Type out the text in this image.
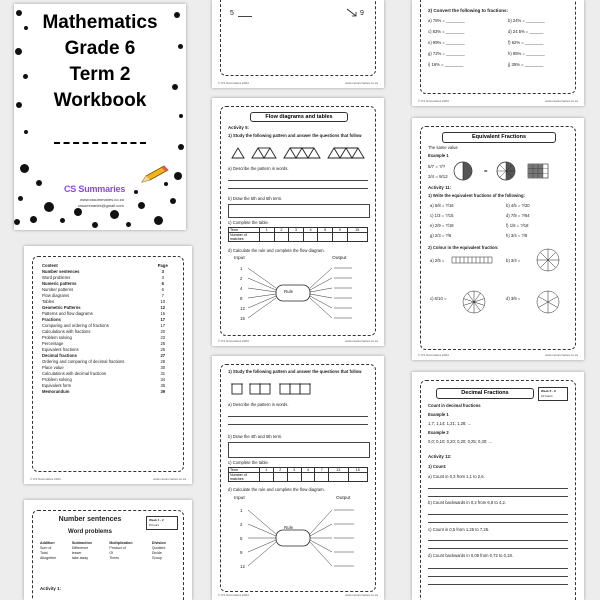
Mathematics
Grade 6
Term 2
Workbook
CS Summaries
www.cssummaries.co.za
cssummaries@gmail.com
5	9
© CS Summaries 2024	www.cssummaries.co.za
2) Convert the following to fractions:
a) 75% = ________
c) 83% = ________
e) 99% = ________
g) 72% = ________
i) 16% = ________
b) 24% = ________
d) 24.5% = ______
f) 62% = ________
h) 85% = ________
j) 35% = ________
© CS Summaries 2024	www.cssummaries.co.za
Flow diagrams and tables
Activity 5:
1) Study the following pattern and answer the questions that follow
a) Describe the pattern in words.
b) Draw the 5th and 6th term.
c) Complete the table.
Term	1	2	3	4	5	9	15
Number of matches							
d) Calculate the rule and complete the flow diagram.
Input	Output
1
2
4
8
12
15
Rule
© CS Summaries 2024	www.cssummaries.co.za
Equivalent Fractions
The same value
Example 1
5/7 = ?/?
3/4 = 9/12
=
Activity 11:
1) Write the equivalent fractions of the following:
a) 5/8 = ?/16
c) 1/3 = ?/15
e) 2/9 = ?/18
g) 2/3 = ?/6
b) 4/5 = ?/20
d) 7/8 = ?/64
f) 1/6 = ?/18
h) 3/4 = ?/8
2) Colour in the equivalent fraction:
a) 2/5 =	b) 3/4 =
c) 6/10 =	d) 3/6 =
© CS Summaries 2024	www.cssummaries.co.za
Content	Page
Number sentences	3
Word problems	3
Numeric patterns	6
Number patterns	6
Flow diagrams	7
Tables	10
Geometric Patterns	12
Patterns and flow diagrams	15
Fractions	17
Comparing and ordering of fractions	17
Calculations with fractions	20
Problem solving	23
Percentage	25
Equivalent fractions	26
Decimal fractions	27
Ordering and comparing of decimal fractions	28
Place value	30
Calculations with decimal fractions	31
Problem solving	34
Equivalent form	36
Memorandum	39
© CS Summaries 2024	www.cssummaries.co.za
1) Study the following pattern and answer the questions that follow
a) Describe the pattern in words.
b) Draw the 4th and 5th term.
c) Complete the table.
Term	1	2	3	4	7	13	15
Number of matches							
d) Calculate the rule and complete the flow diagram.
Input	Output
1
2
5
9
12
Rule
© CS Summaries 2024	www.cssummaries.co.za
Decimal Fractions	Week 6 - 8
10 hours
Count in decimal fractions
Example 1
1,7; 1,14; 1,21; 1,28; ...
Example 2
0,0; 0,10; 0,20; 0,20; 0,25; 0,30; ...
Activity 12:
1) Count:
a) Count in 0,3 from 1,1 to 2,6.
b) Count backwards in 0,2 from 6,8 to 4,2.
c) Count in 0,5 from 1,25 to 7,25.
d) Count backwards in 0,09 from 0,72 to 0,18.
Number sentences
Word problems
Week 1 - 2
8 hours
Addition	Subtraction	Multiplication	Division
Sum of	Difference	Product of	Quotient
Total	lesser	Of	Divide
Altogether	take away	Times	Group
Activity 1:
